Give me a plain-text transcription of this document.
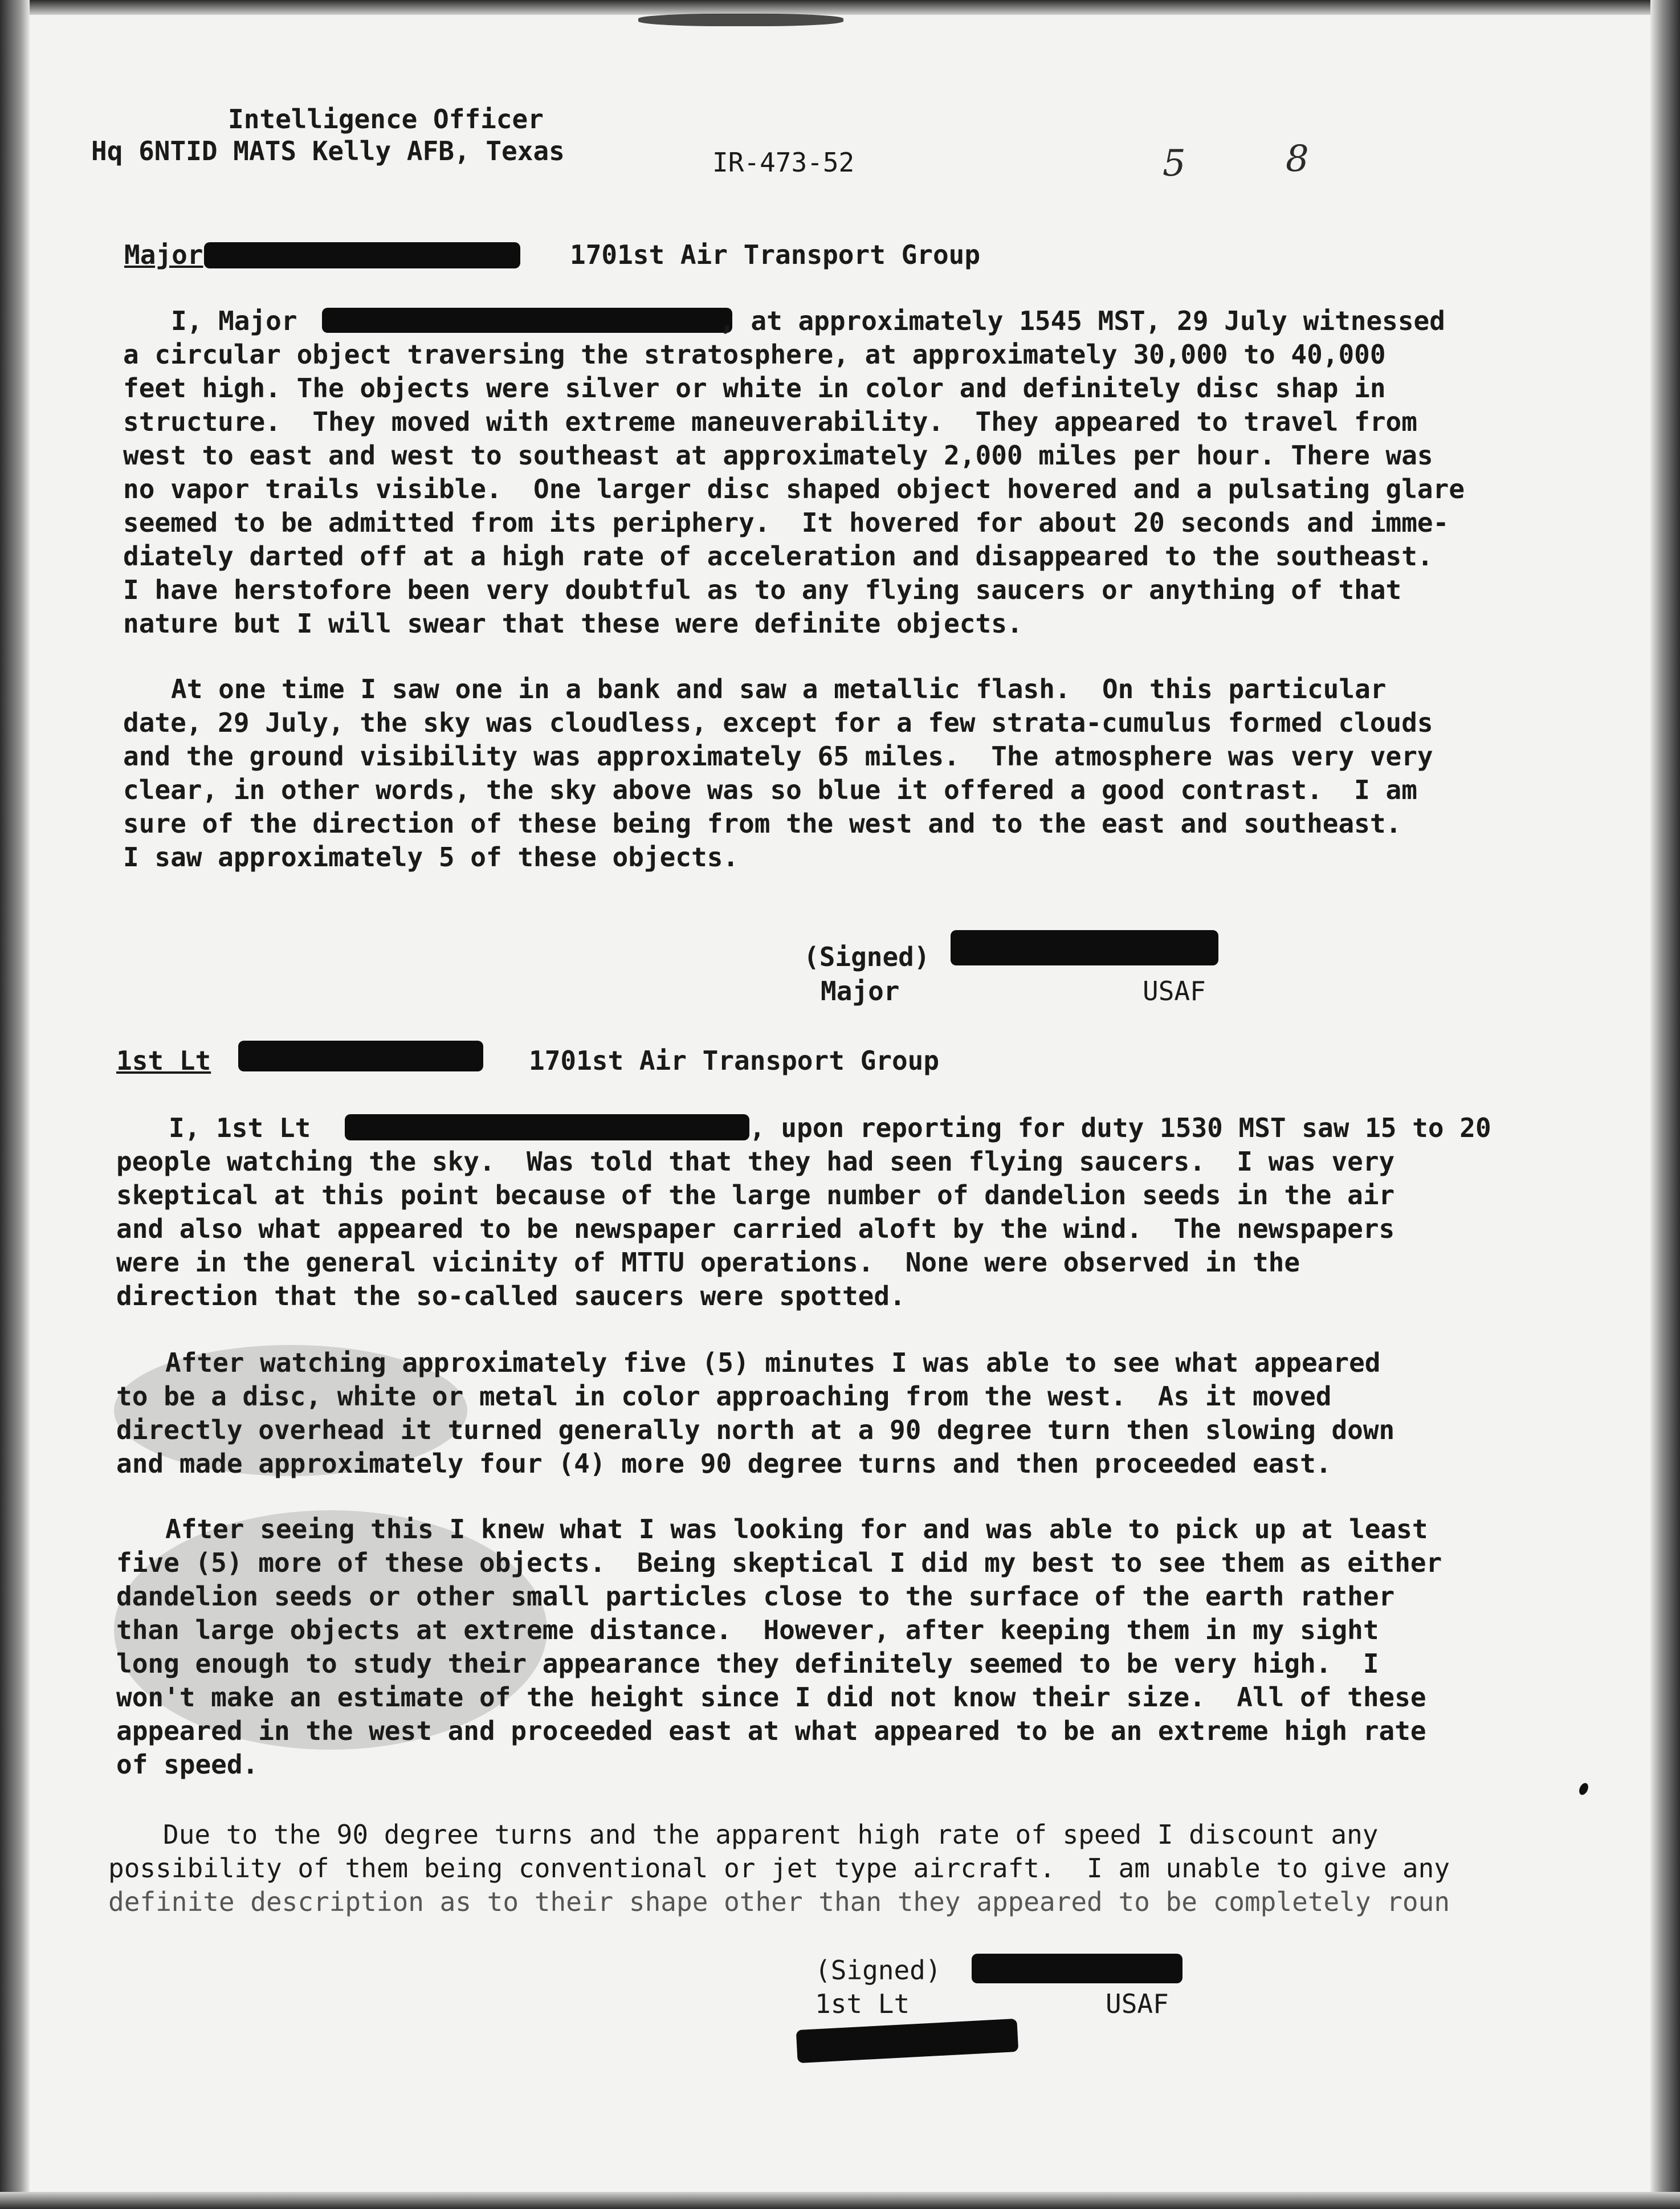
Intelligence Officer
Hq 6NTID MATS Kelly AFB, Texas	IR-473-52	5	8
Major	1701st Air Transport Group
I, Major	, at approximately 1545 MST, 29 July witnessed
a circular object traversing the stratosphere, at approximately 30,000 to 40,000
feet high. The objects were silver or white in color and definitely disc shap in
structure.  They moved with extreme maneuverability.  They appeared to travel from
west to east and west to southeast at approximately 2,000 miles per hour. There was
no vapor trails visible.  One larger disc shaped object hovered and a pulsating glare
seemed to be admitted from its periphery.  It hovered for about 20 seconds and imme-
diately darted off at a high rate of acceleration and disappeared to the southeast.
I have herstofore been very doubtful as to any flying saucers or anything of that
nature but I will swear that these were definite objects.
At one time I saw one in a bank and saw a metallic flash.  On this particular
date, 29 July, the sky was cloudless, except for a few strata-cumulus formed clouds
and the ground visibility was approximately 65 miles.  The atmosphere was very very
clear, in other words, the sky above was so blue it offered a good contrast.  I am
sure of the direction of these being from the west and to the east and southeast.
I saw approximately 5 of these objects.
(Signed)
Major	USAF
1st Lt	1701st Air Transport Group
I, 1st Lt	, upon reporting for duty 1530 MST saw 15 to 20
people watching the sky.  Was told that they had seen flying saucers.  I was very
skeptical at this point because of the large number of dandelion seeds in the air
and also what appeared to be newspaper carried aloft by the wind.  The newspapers
were in the general vicinity of MTTU operations.  None were observed in the
direction that the so-called saucers were spotted.
After watching approximately five (5) minutes I was able to see what appeared
to be a disc, white or metal in color approaching from the west.  As it moved
directly overhead it turned generally north at a 90 degree turn then slowing down
and made approximately four (4) more 90 degree turns and then proceeded east.
After seeing this I knew what I was looking for and was able to pick up at least
five (5) more of these objects.  Being skeptical I did my best to see them as either
dandelion seeds or other small particles close to the surface of the earth rather
than large objects at extreme distance.  However, after keeping them in my sight
long enough to study their appearance they definitely seemed to be very high.  I
won't make an estimate of the height since I did not know their size.  All of these
appeared in the west and proceeded east at what appeared to be an extreme high rate
of speed.
Due to the 90 degree turns and the apparent high rate of speed I discount any
possibility of them being conventional or jet type aircraft.  I am unable to give any
definite description as to their shape other than they appeared to be completely roun
(Signed)
1st Lt	USAF
